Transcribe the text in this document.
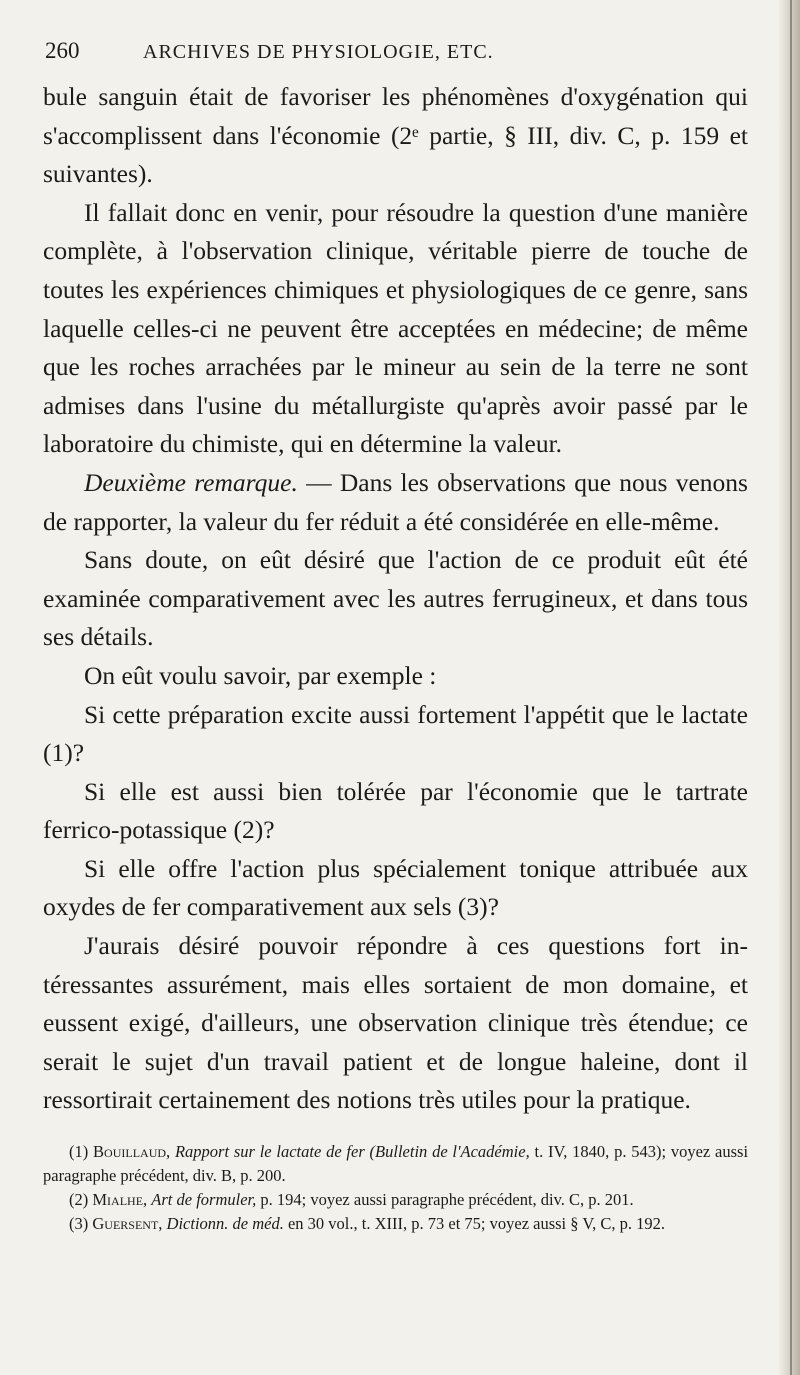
260	ARCHIVES DE PHYSIOLOGIE, ETC.

bule sanguin était de favoriser les phénomènes d'oxygénation qui s'accomplissent dans l'économie (2ᵉ partie, § III, div. C, p. 159 et suivantes).

Il fallait donc en venir, pour résoudre la question d'une manière complète, à l'observation clinique, véritable pierre de touche de toutes les expériences chimiques et physiologiques de ce genre, sans laquelle celles-ci ne peuvent être acceptées en médecine; de même que les roches arrachées par le mineur au sein de la terre ne sont admises dans l'usine du métallurgiste qu'après avoir passé par le laboratoire du chimiste, qui en détermine la valeur.

Deuxième remarque. — Dans les observations que nous venons de rapporter, la valeur du fer réduit a été considérée en elle-même.

Sans doute, on eût désiré que l'action de ce produit eût été examinée comparativement avec les autres ferrugineux, et dans tous ses détails.

On eût voulu savoir, par exemple :

Si cette préparation excite aussi fortement l'appétit que le lactate (1)?

Si elle est aussi bien tolérée par l'économie que le tartrate ferrico-potassique (2)?

Si elle offre l'action plus spécialement tonique attribuée aux oxydes de fer comparativement aux sels (3)?

J'aurais désiré pouvoir répondre à ces questions fort intéressantes assurément, mais elles sortaient de mon domaine, et eussent exigé, d'ailleurs, une observation clinique très étendue; ce serait le sujet d'un travail patient et de longue haleine, dont il ressortirait certainement des notions très utiles pour la pratique.

(1) Bouillaud, Rapport sur le lactate de fer (Bulletin de l'Académie, t. IV, 1840, p. 543); voyez aussi paragraphe précédent, div. B, p. 200.

(2) Mialhe, Art de formuler, p. 194; voyez aussi paragraphe précédent, div. C, p. 201.

(3) Guersent, Dictionn. de méd. en 30 vol., t. XIII, p. 73 et 75; voyez aussi § V, C, p. 192.
